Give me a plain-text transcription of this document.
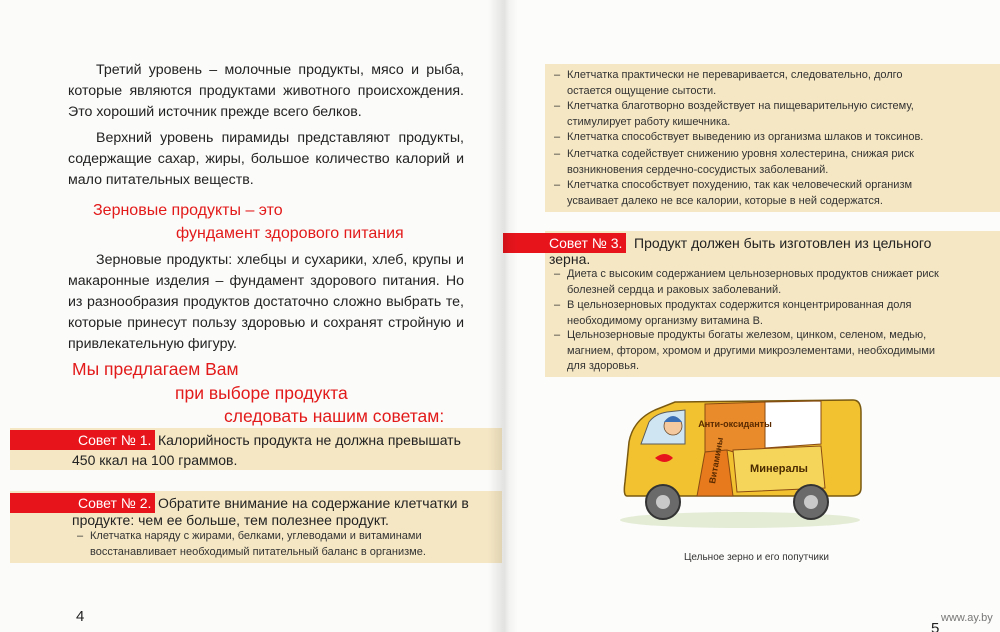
Третий уровень – молочные продукты, мясо и рыба, которые являются продуктами животного происхождения. Это хороший источник прежде всего белков.

Верхний уровень пирамиды представляют продукты, содержащие сахар, жиры, большое количество калорий и мало питательных веществ.

Зерновые продукты – это

фундамент здорового питания

Зерновые продукты: хлебцы и сухарики, хлеб, крупы и макаронные изделия – фундамент здорового питания. Но из разнообразия продуктов достаточно сложно выбрать те, которые принесут пользу здоровью и сохранят стройную и привлекательную фигуру.

Мы предлагаем Вам

при выборе продукта

следовать нашим советам:

Совет № 1. Калорийность продукта не должна превышать

450 ккал на 100 граммов.

Совет № 2. Обратите внимание на содержание клетчатки в

продукте: чем ее больше, тем полезнее продукт.

– Клетчатка наряду с жирами, белками, углеводами и витаминами восстанавливает необходимый питательный баланс в организме.

4

– Клетчатка практически не переваривается, следовательно, долго остается ощущение сытости.

– Клетчатка благотворно воздействует на пищеварительную систему, стимулирует работу кишечника.

– Клетчатка способствует выведению из организма шлаков и токсинов.

– Клетчатка содействует снижению уровня холестерина, снижая риск возникновения сердечно-сосудистых заболеваний.

– Клетчатка способствует похудению, так как человеческий организм усваивает далеко не все калории, которые в ней содержатся.

Совет № 3. Продукт должен быть изготовлен из цельного

зерна.

– Диета с высоким содержанием цельнозерновых продуктов снижает риск болезней сердца и раковых заболеваний.

– В цельнозерновых продуктах содержится концентрированная доля необходимому организму витамина В.

– Цельнозерновые продукты богаты железом, цинком, селеном, медью, магнием, фтором, хромом и другими микроэлементами, необходимыми для здоровья.

Анти-оксиданты
Витамины Минералы
Цельное зерно и его попутчики
www.ay.by
5
